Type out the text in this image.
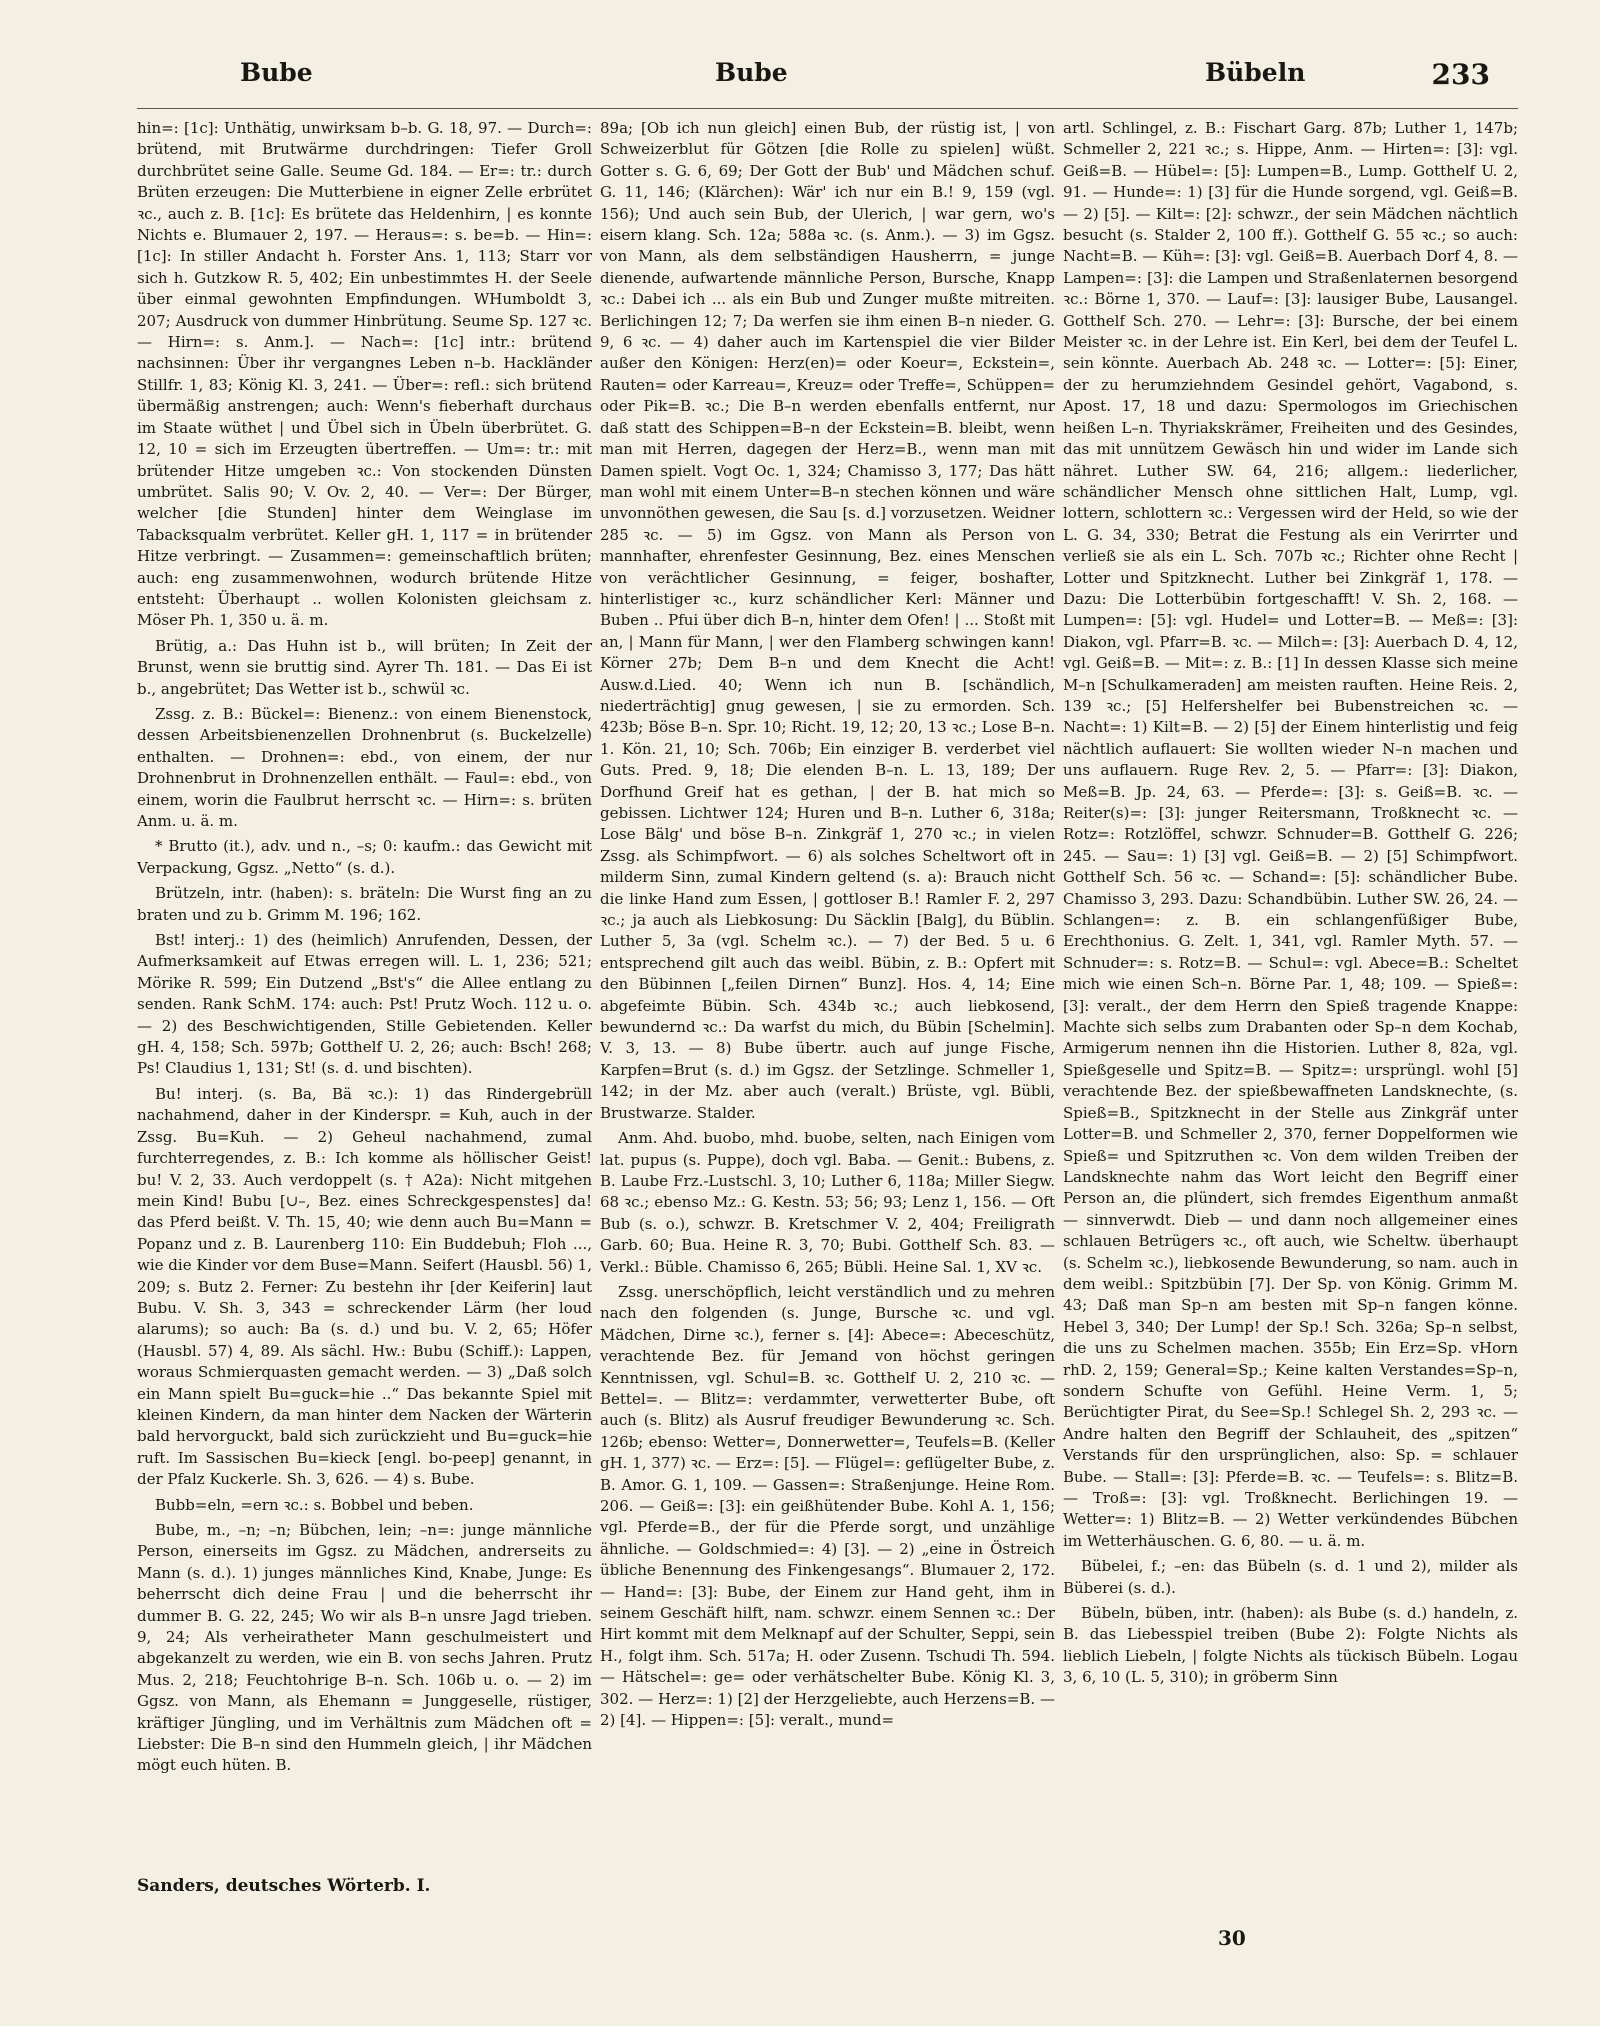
Bube	Bube	Bübeln	233

hin=: [1c]: Unthätig, unwirksam b–b. G. 18, 97. — Durch=: brütend, mit Brutwärme durchdringen: Tiefer Groll durchbrütet seine Galle. Seume Gd. 184. — Er=: tr.: durch Brüten erzeugen: Die Mutterbiene in eigner Zelle erbrütet ꝛc., auch z. B. [1c]: Es brütete das Heldenhirn, | es konnte Nichts e. Blumauer 2, 197. — Heraus=: s. be=b. — Hin=: [1c]: In stiller Andacht h. Forster Ans. 1, 113; Starr vor sich h. Gutzkow R. 5, 402; Ein unbestimmtes H. der Seele über einmal gewohnten Empfindungen. WHumboldt 3, 207; Ausdruck von dummer Hinbrütung. Seume Sp. 127 ꝛc. — Hirn=: s. Anm.]. — Nach=: [1c] intr.: brütend nachsinnen: Über ihr vergangnes Leben n–b. Hackländer Stillfr. 1, 83; König Kl. 3, 241. — Über=: refl.: sich brütend übermäßig anstrengen; auch: Wenn's fieberhaft durchaus im Staate wüthet | und Übel sich in Übeln überbrütet. G. 12, 10 = sich im Erzeugten übertreffen. — Um=: tr.: mit brütender Hitze umgeben ꝛc.: Von stockenden Dünsten umbrütet. Salis 90; V. Ov. 2, 40. — Ver=: Der Bürger, welcher [die Stunden] hinter dem Weinglase im Tabacksqualm verbrütet. Keller gH. 1, 117 = in brütender Hitze verbringt. — Zusammen=: gemeinschaftlich brüten; auch: eng zusammenwohnen, wodurch brütende Hitze entsteht: Überhaupt .. wollen Kolonisten gleichsam z. Möser Ph. 1, 350 u. ä. m.

Brütig, a.: Das Huhn ist b., will brüten; In Zeit der Brunst, wenn sie bruttig sind. Ayrer Th. 181. — Das Ei ist b., angebrütet; Das Wetter ist b., schwül ꝛc.

Zssg. z. B.: Bückel=: Bienenz.: von einem Bienenstock, dessen Arbeitsbienenzellen Drohnenbrut (s. Buckelzelle) enthalten. — Drohnen=: ebd., von einem, der nur Drohnenbrut in Drohnenzellen enthält. — Faul=: ebd., von einem, worin die Faulbrut herrscht ꝛc. — Hirn=: s. brüten Anm. u. ä. m.

* Brutto (it.), adv. und n., –s; 0: kaufm.: das Gewicht mit Verpackung, Ggsz. „Netto“ (s. d.).

Brützeln, intr. (haben): s. bräteln: Die Wurst fing an zu braten und zu b. Grimm M. 196; 162.

Bst! interj.: 1) des (heimlich) Anrufenden, Dessen, der Aufmerksamkeit auf Etwas erregen will. L. 1, 236; 521; Mörike R. 599; Ein Dutzend „Bst's“ die Allee entlang zu senden. Rank SchM. 174: auch: Pst! Prutz Woch. 112 u. o. — 2) des Beschwichtigenden, Stille Gebietenden. Keller gH. 4, 158; Sch. 597b; Gotthelf U. 2, 26; auch: Bsch! 268; Ps! Claudius 1, 131; St! (s. d. und bischten).

Bu! interj. (s. Ba, Bä ꝛc.): 1) das Rindergebrüll nachahmend, daher in der Kinderspr. = Kuh, auch in der Zssg. Bu=Kuh. — 2) Geheul nachahmend, zumal furchterregendes, z. B.: Ich komme als höllischer Geist! bu! V. 2, 33. Auch verdoppelt (s. † A2a): Nicht mitgehen mein Kind! Bubu [∪–, Bez. eines Schreckgespenstes] da! das Pferd beißt. V. Th. 15, 40; wie denn auch Bu=Mann = Popanz und z. B. Laurenberg 110: Ein Buddebuh; Floh ..., wie die Kinder vor dem Buse=Mann. Seifert (Hausbl. 56) 1, 209; s. Butz 2. Ferner: Zu bestehn ihr [der Keiferin] laut Bubu. V. Sh. 3, 343 = schreckender Lärm (her loud alarums); so auch: Ba (s. d.) und bu. V. 2, 65; Höfer (Hausbl. 57) 4, 89. Als sächl. Hw.: Bubu (Schiff.): Lappen, woraus Schmierquasten gemacht werden. — 3) „Daß solch ein Mann spielt Bu=guck=hie ..“ Das bekannte Spiel mit kleinen Kindern, da man hinter dem Nacken der Wärterin bald hervorguckt, bald sich zurückzieht und Bu=guck=hie ruft. Im Sassischen Bu=kieck [engl. bo-peep] genannt, in der Pfalz Kuckerle. Sh. 3, 626. — 4) s. Bube.

Bubb=eln, =ern ꝛc.: s. Bobbel und beben.

Bube, m., –n; –n; Bübchen, lein; –n=: junge männliche Person, einerseits im Ggsz. zu Mädchen, andrerseits zu Mann (s. d.). 1) junges männliches Kind, Knabe, Junge: Es beherrscht dich deine Frau | und die beherrscht ihr dummer B. G. 22, 245; Wo wir als B–n unsre Jagd trieben. 9, 24; Als verheiratheter Mann geschulmeistert und abgekanzelt zu werden, wie ein B. von sechs Jahren. Prutz Mus. 2, 218; Feuchtohrige B–n. Sch. 106b u. o. — 2) im Ggsz. von Mann, als Ehemann = Junggeselle, rüstiger, kräftiger Jüngling, und im Verhältnis zum Mädchen oft = Liebster: Die B–n sind den Hummeln gleich, | ihr Mädchen mögt euch hüten. B.

89a; [Ob ich nun gleich] einen Bub, der rüstig ist, | von Schweizerblut für Götzen [die Rolle zu spielen] wüßt. Gotter s. G. 6, 69; Der Gott der Bub' und Mädchen schuf. G. 11, 146; (Klärchen): Wär' ich nur ein B.! 9, 159 (vgl. 156); Und auch sein Bub, der Ulerich, | war gern, wo's eisern klang. Sch. 12a; 588a ꝛc. (s. Anm.). — 3) im Ggsz. von Mann, als dem selbständigen Hausherrn, = junge dienende, aufwartende männliche Person, Bursche, Knapp ꝛc.: Dabei ich ... als ein Bub und Zunger mußte mitreiten. Berlichingen 12; 7; Da werfen sie ihm einen B–n nieder. G. 9, 6 ꝛc. — 4) daher auch im Kartenspiel die vier Bilder außer den Königen: Herz(en)= oder Koeur=, Eckstein=, Rauten= oder Karreau=, Kreuz= oder Treffe=, Schüppen= oder Pik=B. ꝛc.; Die B–n werden ebenfalls entfernt, nur daß statt des Schippen=B–n der Eckstein=B. bleibt, wenn man mit Herren, dagegen der Herz=B., wenn man mit Damen spielt. Vogt Oc. 1, 324; Chamisso 3, 177; Das hätt man wohl mit einem Unter=B–n stechen können und wäre unvonnöthen gewesen, die Sau [s. d.] vorzusetzen. Weidner 285 ꝛc. — 5) im Ggsz. von Mann als Person von mannhafter, ehrenfester Gesinnung, Bez. eines Menschen von verächtlicher Gesinnung, = feiger, boshafter, hinterlistiger ꝛc., kurz schändlicher Kerl: Männer und Buben .. Pfui über dich B–n, hinter dem Ofen! | ... Stoßt mit an, | Mann für Mann, | wer den Flamberg schwingen kann! Körner 27b; Dem B–n und dem Knecht die Acht! Ausw.d.Lied. 40; Wenn ich nun B. [schändlich, niederträchtig] gnug gewesen, | sie zu ermorden. Sch. 423b; Böse B–n. Spr. 10; Richt. 19, 12; 20, 13 ꝛc.; Lose B–n. 1. Kön. 21, 10; Sch. 706b; Ein einziger B. verderbet viel Guts. Pred. 9, 18; Die elenden B–n. L. 13, 189; Der Dorfhund Greif hat es gethan, | der B. hat mich so gebissen. Lichtwer 124; Huren und B–n. Luther 6, 318a; Lose Bälg' und böse B–n. Zinkgräf 1, 270 ꝛc.; in vielen Zssg. als Schimpfwort. — 6) als solches Scheltwort oft in milderm Sinn, zumal Kindern geltend (s. a): Brauch nicht die linke Hand zum Essen, | gottloser B.! Ramler F. 2, 297 ꝛc.; ja auch als Liebkosung: Du Säcklin [Balg], du Büblin. Luther 5, 3a (vgl. Schelm ꝛc.). — 7) der Bed. 5 u. 6 entsprechend gilt auch das weibl. Bübin, z. B.: Opfert mit den Bübinnen [„feilen Dirnen“ Bunz]. Hos. 4, 14; Eine abgefeimte Bübin. Sch. 434b ꝛc.; auch liebkosend, bewundernd ꝛc.: Da warfst du mich, du Bübin [Schelmin]. V. 3, 13. — 8) Bube übertr. auch auf junge Fische, Karpfen=Brut (s. d.) im Ggsz. der Setzlinge. Schmeller 1, 142; in der Mz. aber auch (veralt.) Brüste, vgl. Bübli, Brustwarze. Stalder.

Anm. Ahd. buobo, mhd. buobe, selten, nach Einigen vom lat. pupus (s. Puppe), doch vgl. Baba. — Genit.: Bubens, z. B. Laube Frz.-Lustschl. 3, 10; Luther 6, 118a; Miller Siegw. 68 ꝛc.; ebenso Mz.: G. Kestn. 53; 56; 93; Lenz 1, 156. — Oft Bub (s. o.), schwzr. B. Kretschmer V. 2, 404; Freiligrath Garb. 60; Bua. Heine R. 3, 70; Bubi. Gotthelf Sch. 83. — Verkl.: Büble. Chamisso 6, 265; Bübli. Heine Sal. 1, XV ꝛc.

Zssg. unerschöpflich, leicht verständlich und zu mehren nach den folgenden (s. Junge, Bursche ꝛc. und vgl. Mädchen, Dirne ꝛc.), ferner s. [4]: Abece=: Abeceschütz, verachtende Bez. für Jemand von höchst geringen Kenntnissen, vgl. Schul=B. ꝛc. Gotthelf U. 2, 210 ꝛc. — Bettel=. — Blitz=: verdammter, verwetterter Bube, oft auch (s. Blitz) als Ausruf freudiger Bewunderung ꝛc. Sch. 126b; ebenso: Wetter=, Donnerwetter=, Teufels=B. (Keller gH. 1, 377) ꝛc. — Erz=: [5]. — Flügel=: geflügelter Bube, z. B. Amor. G. 1, 109. — Gassen=: Straßenjunge. Heine Rom. 206. — Geiß=: [3]: ein geißhütender Bube. Kohl A. 1, 156; vgl. Pferde=B., der für die Pferde sorgt, und unzählige ähnliche. — Goldschmied=: 4) [3]. — 2) „eine in Östreich übliche Benennung des Finkengesangs“. Blumauer 2, 172. — Hand=: [3]: Bube, der Einem zur Hand geht, ihm in seinem Geschäft hilft, nam. schwzr. einem Sennen ꝛc.: Der Hirt kommt mit dem Melknapf auf der Schulter, Seppi, sein H., folgt ihm. Sch. 517a; H. oder Zusenn. Tschudi Th. 594. — Hätschel=: ge= oder verhätschelter Bube. König Kl. 3, 302. — Herz=: 1) [2] der Herzgeliebte, auch Herzens=B. — 2) [4]. — Hippen=: [5]: veralt., mund=

artl. Schlingel, z. B.: Fischart Garg. 87b; Luther 1, 147b; Schmeller 2, 221 ꝛc.; s. Hippe, Anm. — Hirten=: [3]: vgl. Geiß=B. — Hübel=: [5]: Lumpen=B., Lump. Gotthelf U. 2, 91. — Hunde=: 1) [3] für die Hunde sorgend, vgl. Geiß=B. — 2) [5]. — Kilt=: [2]: schwzr., der sein Mädchen nächtlich besucht (s. Stalder 2, 100 ff.). Gotthelf G. 55 ꝛc.; so auch: Nacht=B. — Küh=: [3]: vgl. Geiß=B. Auerbach Dorf 4, 8. — Lampen=: [3]: die Lampen und Straßenlaternen besorgend ꝛc.: Börne 1, 370. — Lauf=: [3]: lausiger Bube, Lausangel. Gotthelf Sch. 270. — Lehr=: [3]: Bursche, der bei einem Meister ꝛc. in der Lehre ist. Ein Kerl, bei dem der Teufel L. sein könnte. Auerbach Ab. 248 ꝛc. — Lotter=: [5]: Einer, der zu herumziehndem Gesindel gehört, Vagabond, s. Apost. 17, 18 und dazu: Spermologos im Griechischen heißen L–n. Thyriakskrämer, Freiheiten und des Gesindes, das mit unnützem Gewäsch hin und wider im Lande sich nähret. Luther SW. 64, 216; allgem.: liederlicher, schändlicher Mensch ohne sittlichen Halt, Lump, vgl. lottern, schlottern ꝛc.: Vergessen wird der Held, so wie der L. G. 34, 330; Betrat die Festung als ein Verirrter und verließ sie als ein L. Sch. 707b ꝛc.; Richter ohne Recht | Lotter und Spitzknecht. Luther bei Zinkgräf 1, 178. — Dazu: Die Lotterbübin fortgeschafft! V. Sh. 2, 168. — Lumpen=: [5]: vgl. Hudel= und Lotter=B. — Meß=: [3]: Diakon, vgl. Pfarr=B. ꝛc. — Milch=: [3]: Auerbach D. 4, 12, vgl. Geiß=B. — Mit=: z. B.: [1] In dessen Klasse sich meine M–n [Schulkameraden] am meisten rauften. Heine Reis. 2, 139 ꝛc.; [5] Helfershelfer bei Bubenstreichen ꝛc. — Nacht=: 1) Kilt=B. — 2) [5] der Einem hinterlistig und feig nächtlich auflauert: Sie wollten wieder N–n machen und uns auflauern. Ruge Rev. 2, 5. — Pfarr=: [3]: Diakon, Meß=B. Jp. 24, 63. — Pferde=: [3]: s. Geiß=B. ꝛc. — Reiter(s)=: [3]: junger Reitersmann, Troßknecht ꝛc. — Rotz=: Rotzlöffel, schwzr. Schnuder=B. Gotthelf G. 226; 245. — Sau=: 1) [3] vgl. Geiß=B. — 2) [5] Schimpfwort. Gotthelf Sch. 56 ꝛc. — Schand=: [5]: schändlicher Bube. Chamisso 3, 293. Dazu: Schandbübin. Luther SW. 26, 24. — Schlangen=: z. B. ein schlangenfüßiger Bube, Erechthonius. G. Zelt. 1, 341, vgl. Ramler Myth. 57. — Schnuder=: s. Rotz=B. — Schul=: vgl. Abece=B.: Scheltet mich wie einen Sch–n. Börne Par. 1, 48; 109. — Spieß=: [3]: veralt., der dem Herrn den Spieß tragende Knappe: Machte sich selbs zum Drabanten oder Sp–n dem Kochab, Armigerum nennen ihn die Historien. Luther 8, 82a, vgl. Spießgeselle und Spitz=B. — Spitz=: ursprüngl. wohl [5] verachtende Bez. der spießbewaffneten Landsknechte, (s. Spieß=B., Spitzknecht in der Stelle aus Zinkgräf unter Lotter=B. und Schmeller 2, 370, ferner Doppelformen wie Spieß= und Spitzruthen ꝛc. Von dem wilden Treiben der Landsknechte nahm das Wort leicht den Begriff einer Person an, die plündert, sich fremdes Eigenthum anmaßt — sinnverwdt. Dieb — und dann noch allgemeiner eines schlauen Betrügers ꝛc., oft auch, wie Scheltw. überhaupt (s. Schelm ꝛc.), liebkosende Bewunderung, so nam. auch in dem weibl.: Spitzbübin [7]. Der Sp. von König. Grimm M. 43; Daß man Sp–n am besten mit Sp–n fangen könne. Hebel 3, 340; Der Lump! der Sp.! Sch. 326a; Sp–n selbst, die uns zu Schelmen machen. 355b; Ein Erz=Sp. vHorn rhD. 2, 159; General=Sp.; Keine kalten Verstandes=Sp–n, sondern Schufte von Gefühl. Heine Verm. 1, 5; Berüchtigter Pirat, du See=Sp.! Schlegel Sh. 2, 293 ꝛc. — Andre halten den Begriff der Schlauheit, des „spitzen“ Verstands für den ursprünglichen, also: Sp. = schlauer Bube. — Stall=: [3]: Pferde=B. ꝛc. — Teufels=: s. Blitz=B. — Troß=: [3]: vgl. Troßknecht. Berlichingen 19. — Wetter=: 1) Blitz=B. — 2) Wetter verkündendes Bübchen im Wetterhäuschen. G. 6, 80. — u. ä. m.

Bübelei, f.; –en: das Bübeln (s. d. 1 und 2), milder als Büberei (s. d.).

Bübeln, büben, intr. (haben): als Bube (s. d.) handeln, z. B. das Liebesspiel treiben (Bube 2): Folgte Nichts als lieblich Liebeln, | folgte Nichts als tückisch Bübeln. Logau 3, 6, 10 (L. 5, 310); in gröberm Sinn

Sanders, deutsches Wörterb. I.
30
